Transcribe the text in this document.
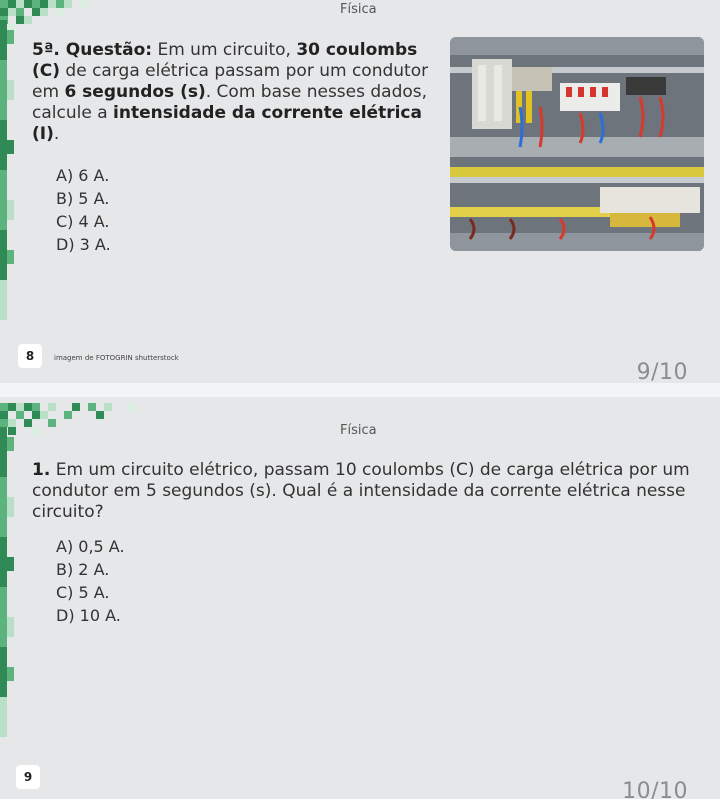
Física

5ª. Questão: Em um circuito, 30 coulombs (C) de carga elétrica passam por um condutor em 6 segundos (s). Com base nesses dados, calcule a intensidade da corrente elétrica (I).

A) 6 A.
B) 5 A.
C) 4 A.
D) 3 A.
8	imagem de FOTOGRIN shutterstock
9/10
Física

1. Em um circuito elétrico, passam 10 coulombs (C) de carga elétrica por um condutor em 5 segundos (s). Qual é a intensidade da corrente elétrica nesse circuito?

A) 0,5 A.
B) 2 A.
C) 5 A.
D) 10 A.
9
10/10
